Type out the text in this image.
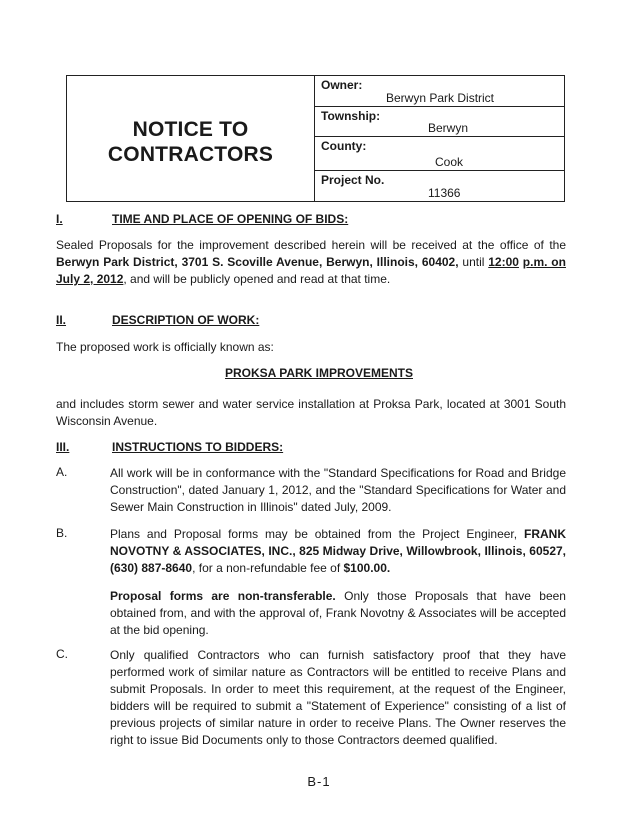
NOTICE TO
CONTRACTORS
Owner:
Berwyn Park District
Township:
Berwyn
County:
Cook
Project No.
11366
I.	TIME AND PLACE OF OPENING OF BIDS:
Sealed Proposals for the improvement described herein will be received at the office of the Berwyn Park District, 3701 S. Scoville Avenue, Berwyn, Illinois, 60402, until 12:00 p.m. on July 2, 2012, and will be publicly opened and read at that time.
II.	DESCRIPTION OF WORK:
The proposed work is officially known as:
PROKSA PARK IMPROVEMENTS
and includes storm sewer and water service installation at Proksa Park, located at 3001 South Wisconsin Avenue.
III.	INSTRUCTIONS TO BIDDERS:
A.	All work will be in conformance with the "Standard Specifications for Road and Bridge Construction", dated January 1, 2012, and the "Standard Specifications for Water and Sewer Main Construction in Illinois" dated July, 2009.
B.	Plans and Proposal forms may be obtained from the Project Engineer, FRANK NOVOTNY & ASSOCIATES, INC., 825 Midway Drive, Willowbrook, Illinois, 60527, (630) 887-8640, for a non-refundable fee of $100.00.
Proposal forms are non-transferable. Only those Proposals that have been obtained from, and with the approval of, Frank Novotny & Associates will be accepted at the bid opening.
C.	Only qualified Contractors who can furnish satisfactory proof that they have performed work of similar nature as Contractors will be entitled to receive Plans and submit Proposals. In order to meet this requirement, at the request of the Engineer, bidders will be required to submit a "Statement of Experience" consisting of a list of previous projects of similar nature in order to receive Plans. The Owner reserves the right to issue Bid Documents only to those Contractors deemed qualified.
B-1
